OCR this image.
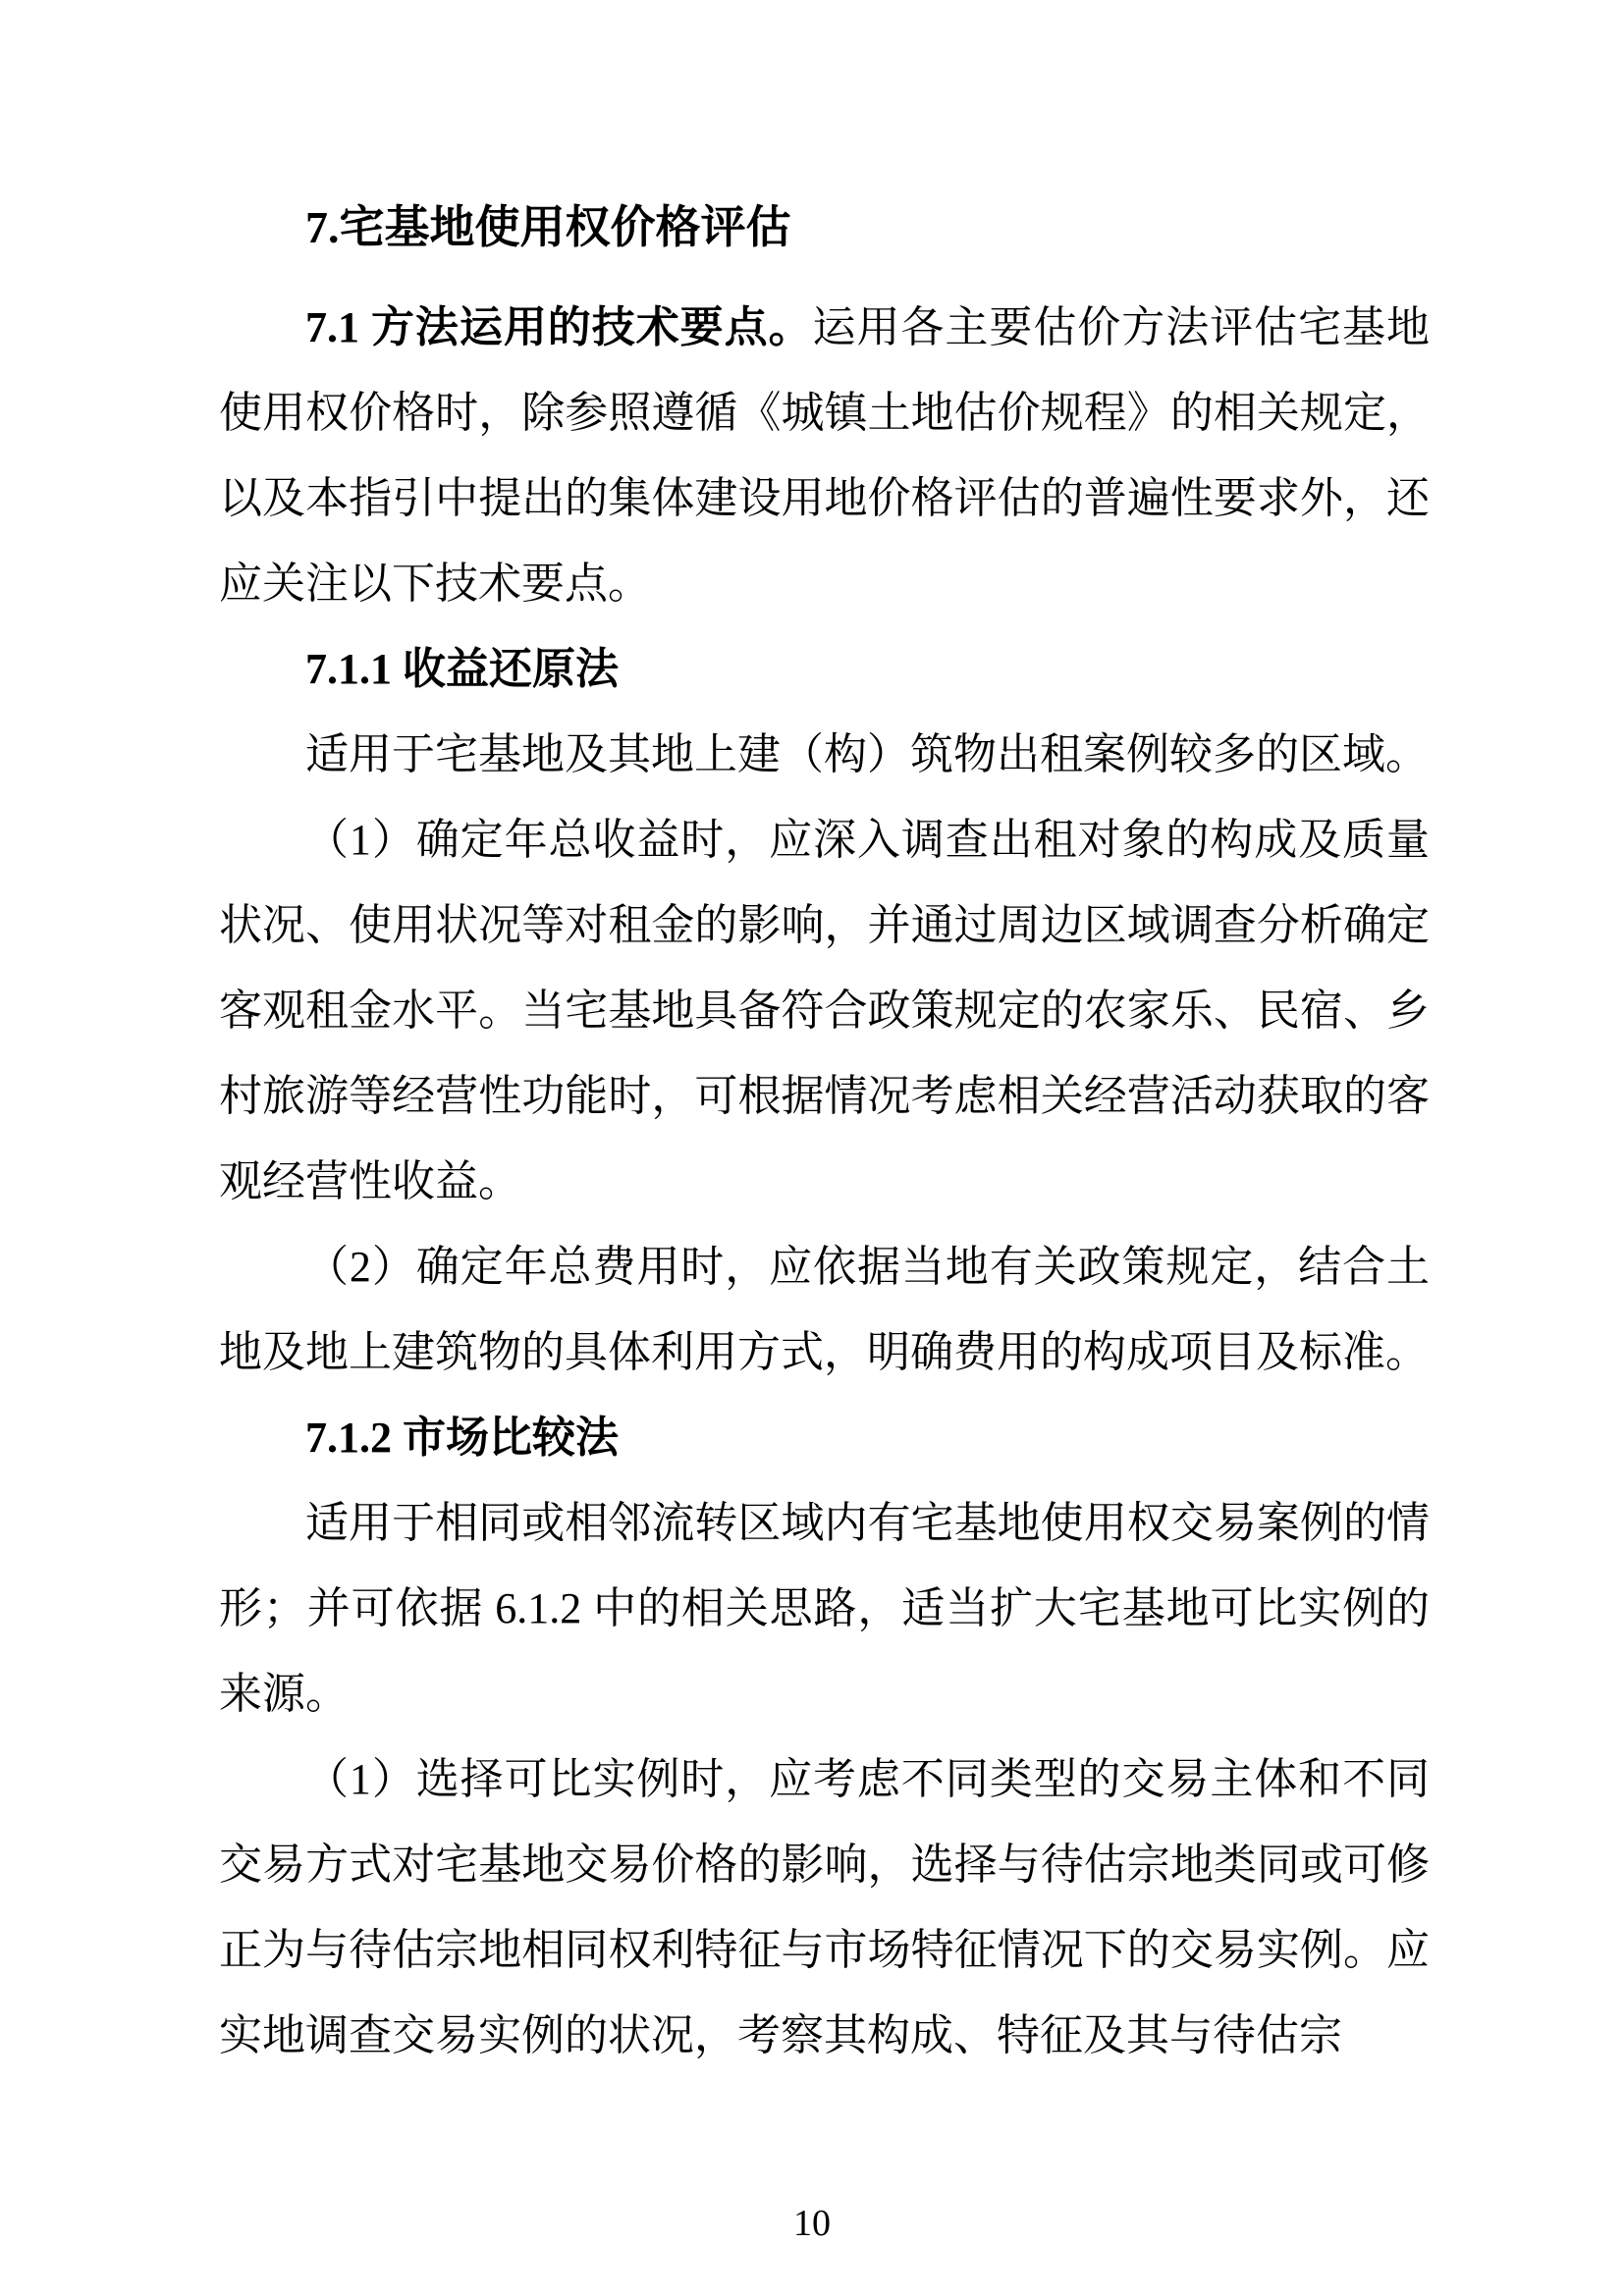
7.宅基地使用权价格评估

7.1 方法运用的技术要点。运用各主要估价方法评估宅基地使用权价格时，除参照遵循《城镇土地估价规程》的相关规定，以及本指引中提出的集体建设用地价格评估的普遍性要求外，还应关注以下技术要点。

7.1.1 收益还原法

适用于宅基地及其地上建（构）筑物出租案例较多的区域。

（1）确定年总收益时，应深入调查出租对象的构成及质量状况、使用状况等对租金的影响，并通过周边区域调查分析确定客观租金水平。当宅基地具备符合政策规定的农家乐、民宿、乡村旅游等经营性功能时，可根据情况考虑相关经营活动获取的客观经营性收益。

（2）确定年总费用时，应依据当地有关政策规定，结合土地及地上建筑物的具体利用方式，明确费用的构成项目及标准。

7.1.2 市场比较法

适用于相同或相邻流转区域内有宅基地使用权交易案例的情形；并可依据 6.1.2 中的相关思路，适当扩大宅基地可比实例的来源。

（1）选择可比实例时，应考虑不同类型的交易主体和不同交易方式对宅基地交易价格的影响，选择与待估宗地类同或可修正为与待估宗地相同权利特征与市场特征情况下的交易实例。应实地调查交易实例的状况，考察其构成、特征及其与待估宗

10
